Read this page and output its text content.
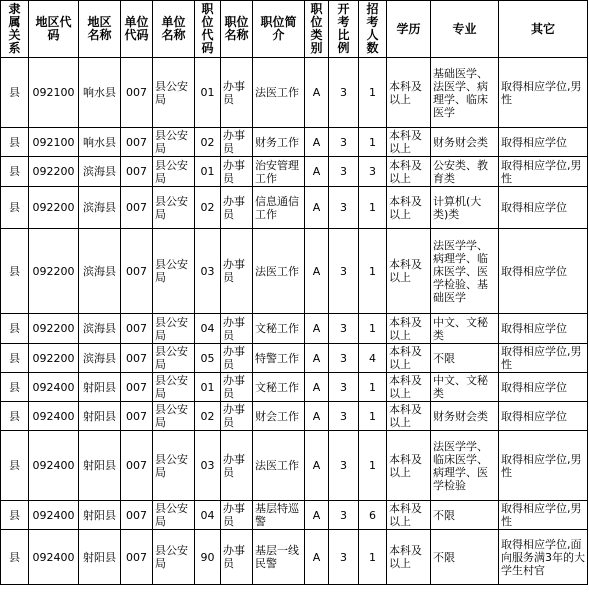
隶属关系	地区代码	地区名称	单位代码	单位名称	职位代码	职位名称	职位简介	职位类别	开考比例	招考人数	学历	专业	其它
县	092100	响水县	007	县公安局	01	办事员	法医工作	A	3	1	本科及以上	基础医学、法医学、病理学、临床医学	取得相应学位,男性
县	092100	响水县	007	县公安局	02	办事员	财务工作	A	3	1	本科及以上	财务财会类	取得相应学位
县	092200	滨海县	007	县公安局	01	办事员	治安管理工作	A	3	3	本科及以上	公安类、教育类	取得相应学位,男性
县	092200	滨海县	007	县公安局	02	办事员	信息通信工作	A	3	1	本科及以上	计算机(大类)类	取得相应学位
县	092200	滨海县	007	县公安局	03	办事员	法医工作	A	3	1	本科及以上	法医学学、病理学、临床医学、医学检验、基础医学	取得相应学位
县	092200	滨海县	007	县公安局	04	办事员	文秘工作	A	3	1	本科及以上	中文、文秘类	取得相应学位
县	092200	滨海县	007	县公安局	05	办事员	特警工作	A	3	4	本科及以上	不限	取得相应学位,男性
县	092400	射阳县	007	县公安局	01	办事员	文秘工作	A	3	1	本科及以上	中文、文秘类	取得相应学位
县	092400	射阳县	007	县公安局	02	办事员	财会工作	A	3	1	本科及以上	财务财会类	取得相应学位
县	092400	射阳县	007	县公安局	03	办事员	法医工作	A	3	1	本科及以上	法医学学、临床医学、病理学、医学检验	取得相应学位,男性
县	092400	射阳县	007	县公安局	04	办事员	基层特巡警	A	3	6	本科及以上	不限	取得相应学位,男性
县	092400	射阳县	007	县公安局	90	办事员	基层一线民警	A	3	1	本科及以上	不限	取得相应学位,面向服务满3年的大学生村官
